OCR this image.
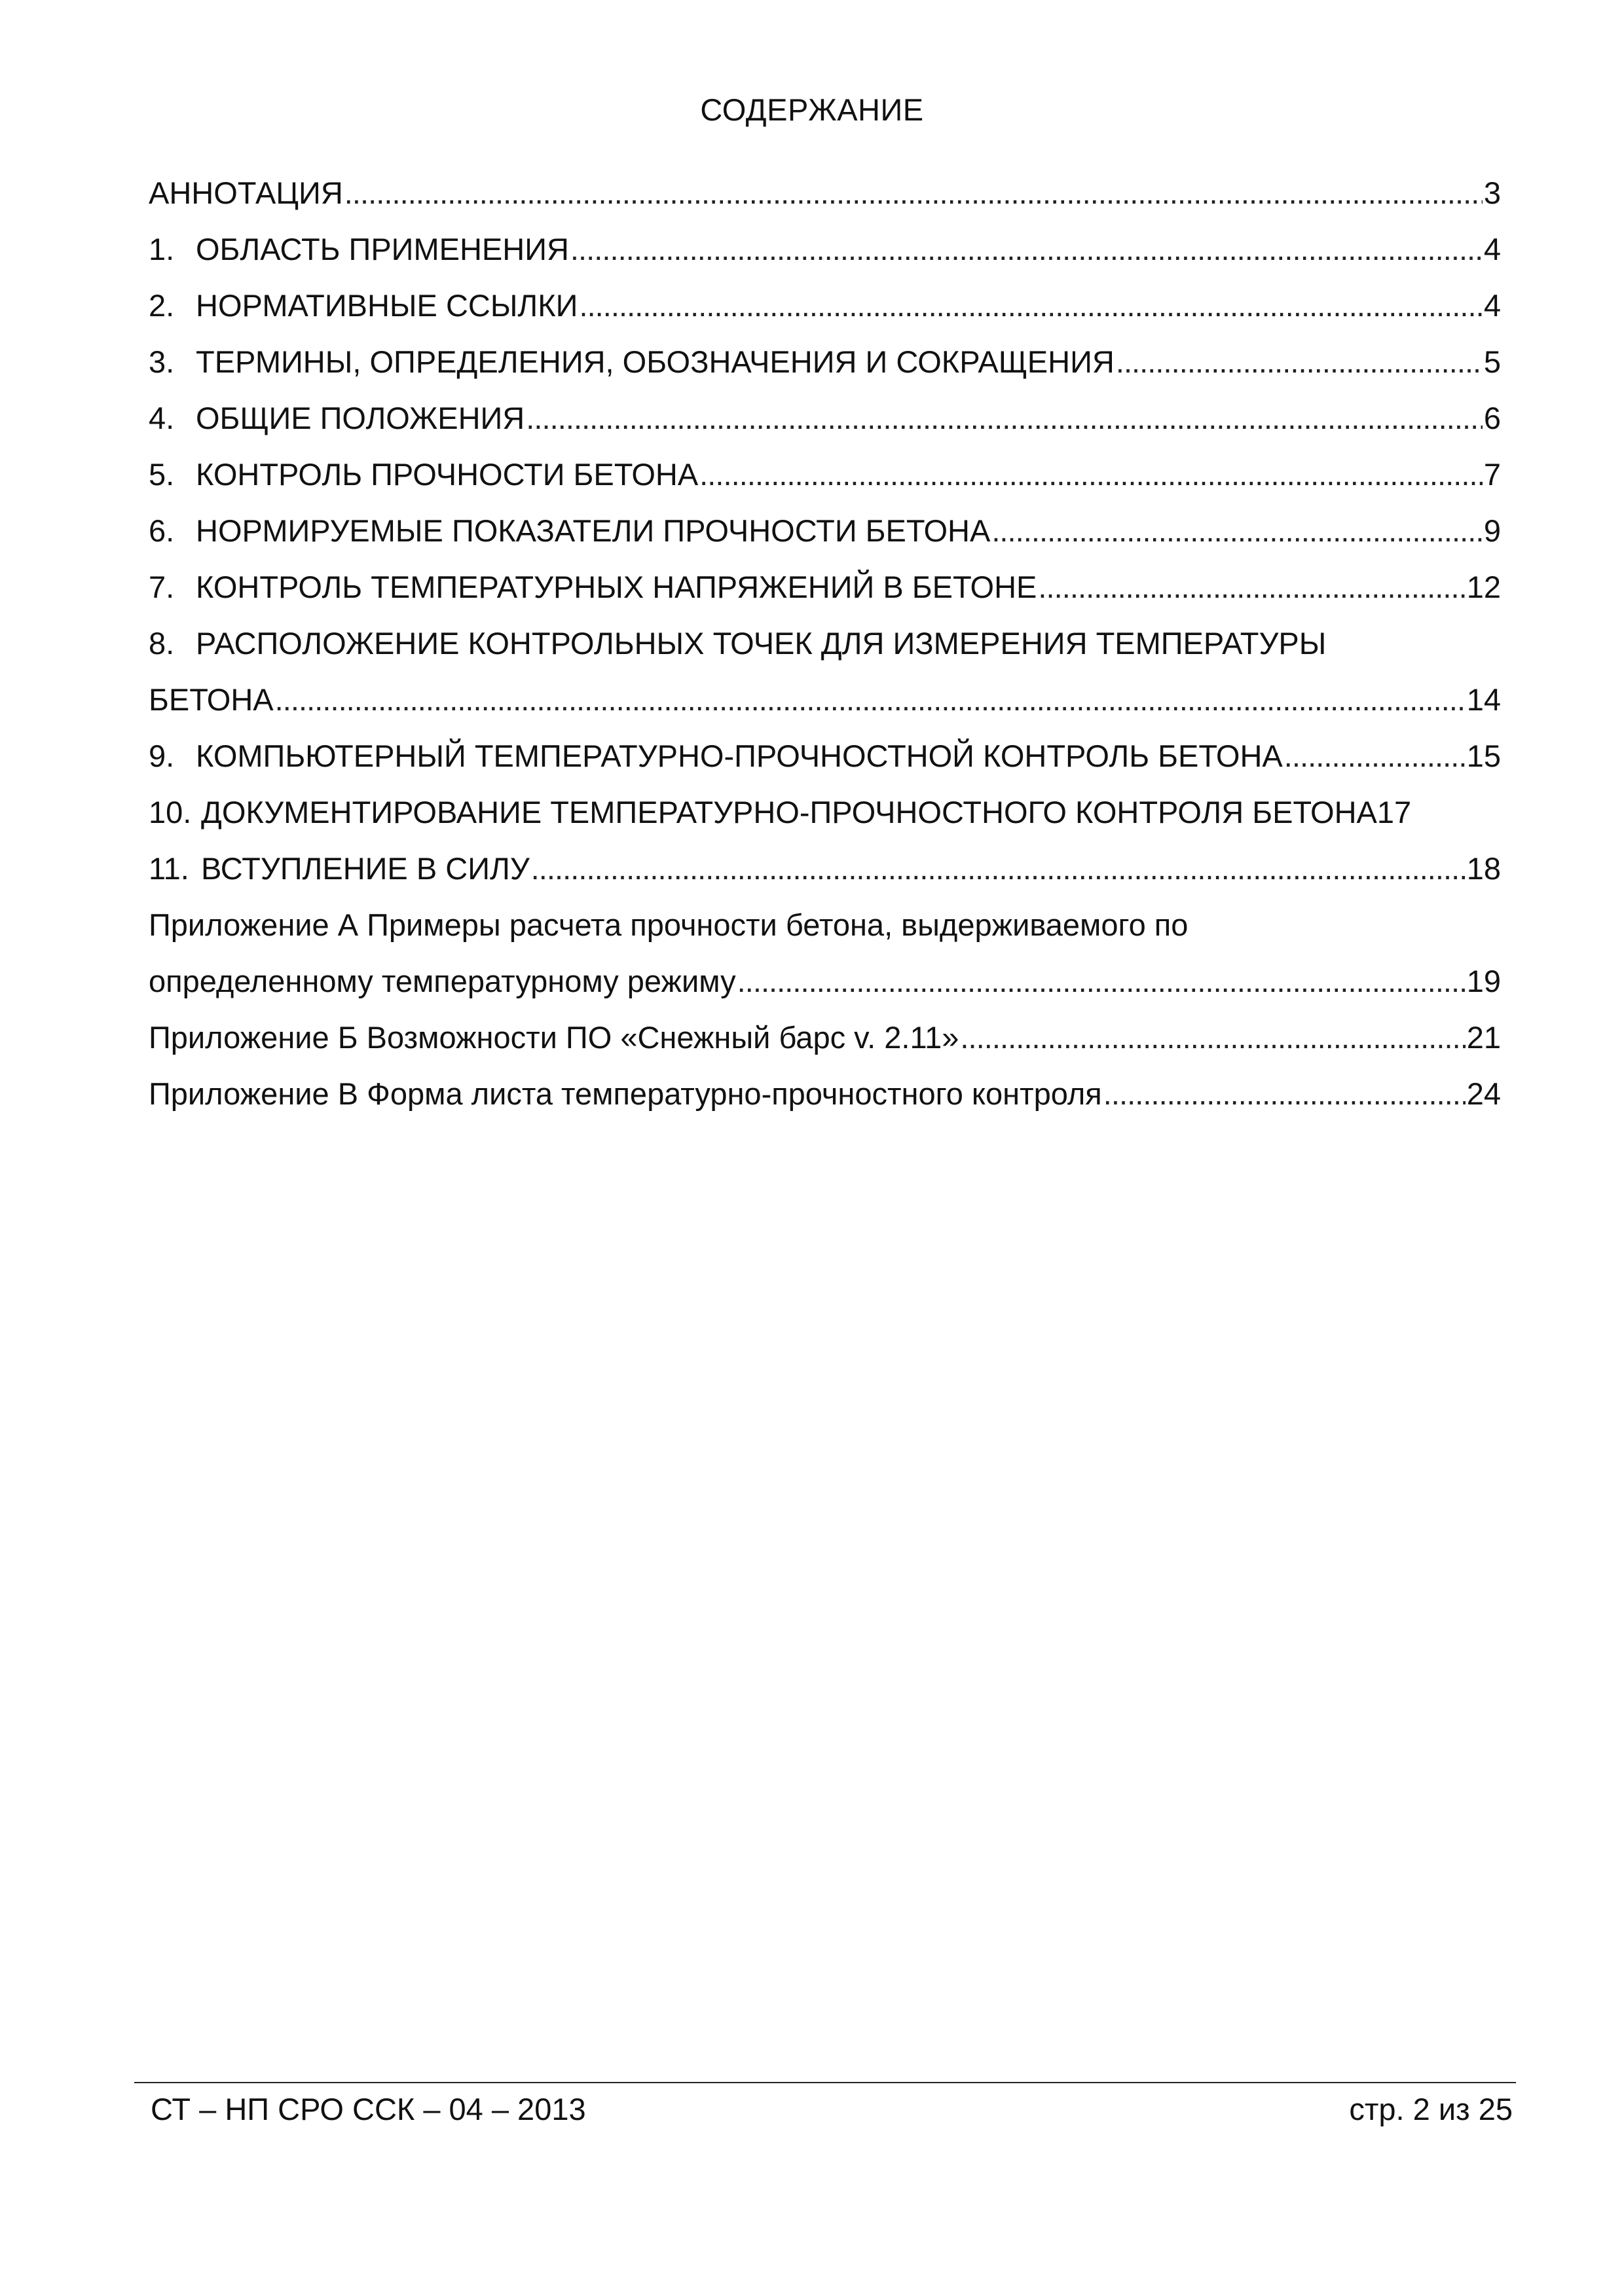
СОДЕРЖАНИЕ
АННОТАЦИЯ . . .	3
1. ОБЛАСТЬ ПРИМЕНЕНИЯ . . .	4
2. НОРМАТИВНЫЕ ССЫЛКИ . . .	4
3. ТЕРМИНЫ, ОПРЕДЕЛЕНИЯ, ОБОЗНАЧЕНИЯ И СОКРАЩЕНИЯ . . .	5
4. ОБЩИЕ ПОЛОЖЕНИЯ . . .	6
5. КОНТРОЛЬ ПРОЧНОСТИ БЕТОНА . . .	7
6. НОРМИРУЕМЫЕ ПОКАЗАТЕЛИ ПРОЧНОСТИ БЕТОНА . . .	9
7. КОНТРОЛЬ ТЕМПЕРАТУРНЫХ НАПРЯЖЕНИЙ В БЕТОНЕ . . .	12
8. РАСПОЛОЖЕНИЕ КОНТРОЛЬНЫХ ТОЧЕК ДЛЯ ИЗМЕРЕНИЯ ТЕМПЕРАТУРЫ
БЕТОНА . . .	14
9. КОМПЬЮТЕРНЫЙ ТЕМПЕРАТУРНО-ПРОЧНОСТНОЙ КОНТРОЛЬ БЕТОНА . . .	15
10. ДОКУМЕНТИРОВАНИЕ ТЕМПЕРАТУРНО-ПРОЧНОСТНОГО КОНТРОЛЯ БЕТОНА 17
11. ВСТУПЛЕНИЕ В СИЛУ . . .	18
Приложение А Примеры расчета прочности бетона, выдерживаемого по
определенному температурному режиму . . .	19
Приложение Б Возможности ПО «Снежный барс v. 2.11» . . .	21
Приложение В Форма листа температурно-прочностного контроля . . .	24
СТ – НП СРО ССК – 04 – 2013	стр. 2 из 25
